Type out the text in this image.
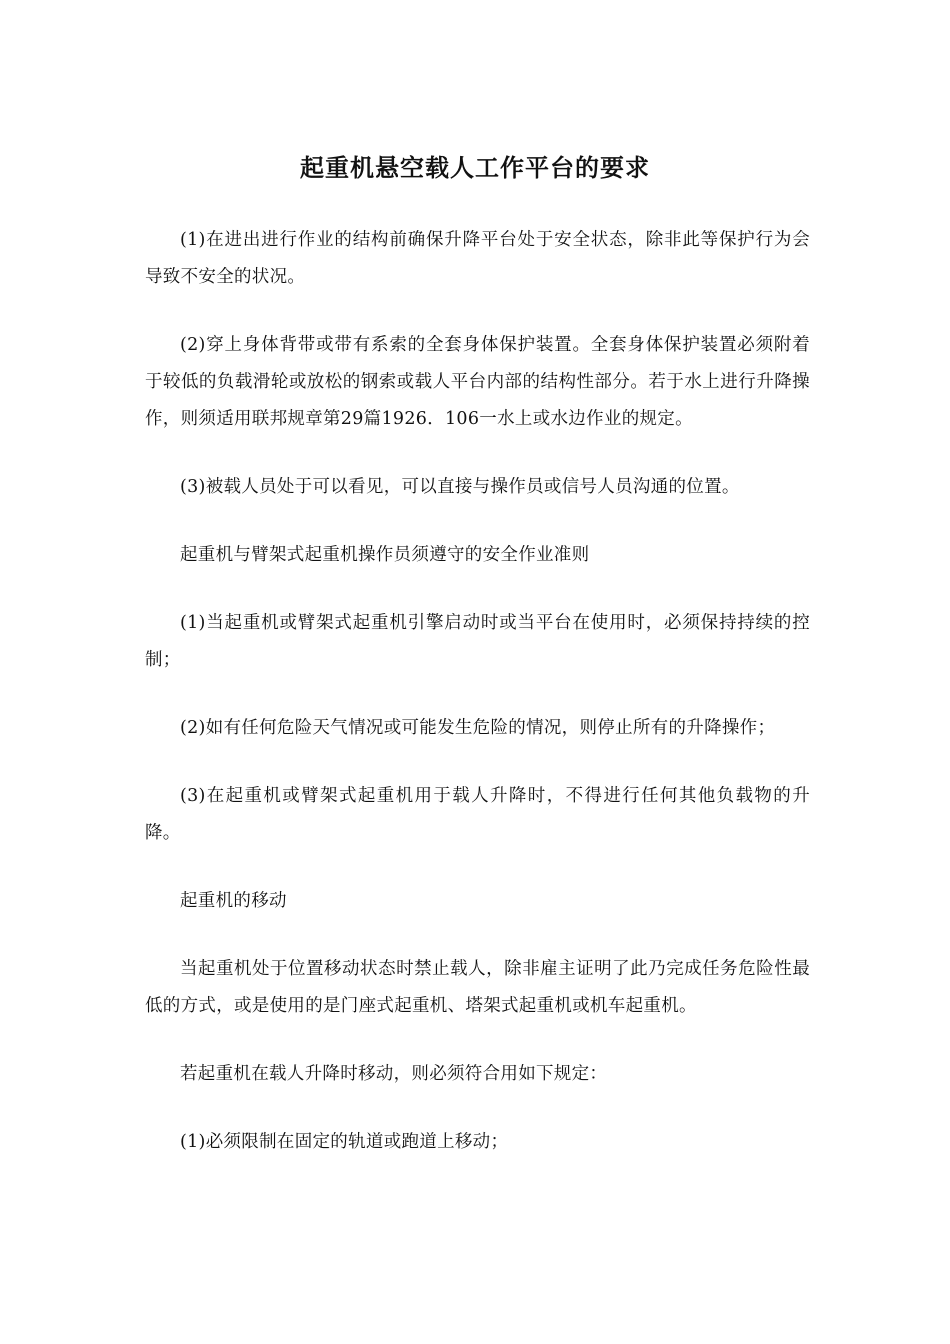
起重机悬空载人工作平台的要求

(1)在进出进行作业的结构前确保升降平台处于安全状态，除非此等保护行为会导致不安全的状况。

(2)穿上身体背带或带有系索的全套身体保护装置。全套身体保护装置必须附着于较低的负载滑轮或放松的钢索或载人平台内部的结构性部分。若于水上进行升降操作，则须适用联邦规章第29篇1926．106一水上或水边作业的规定。

(3)被载人员处于可以看见，可以直接与操作员或信号人员沟通的位置。

起重机与臂架式起重机操作员须遵守的安全作业准则

(1)当起重机或臂架式起重机引擎启动时或当平台在使用时，必须保持持续的控制；

(2)如有任何危险天气情况或可能发生危险的情况，则停止所有的升降操作；

(3)在起重机或臂架式起重机用于载人升降时，不得进行任何其他负载物的升降。

起重机的移动

当起重机处于位置移动状态时禁止载人，除非雇主证明了此乃完成任务危险性最低的方式，或是使用的是门座式起重机、塔架式起重机或机车起重机。

若起重机在载人升降时移动，则必须符合用如下规定：

(1)必须限制在固定的轨道或跑道上移动；
